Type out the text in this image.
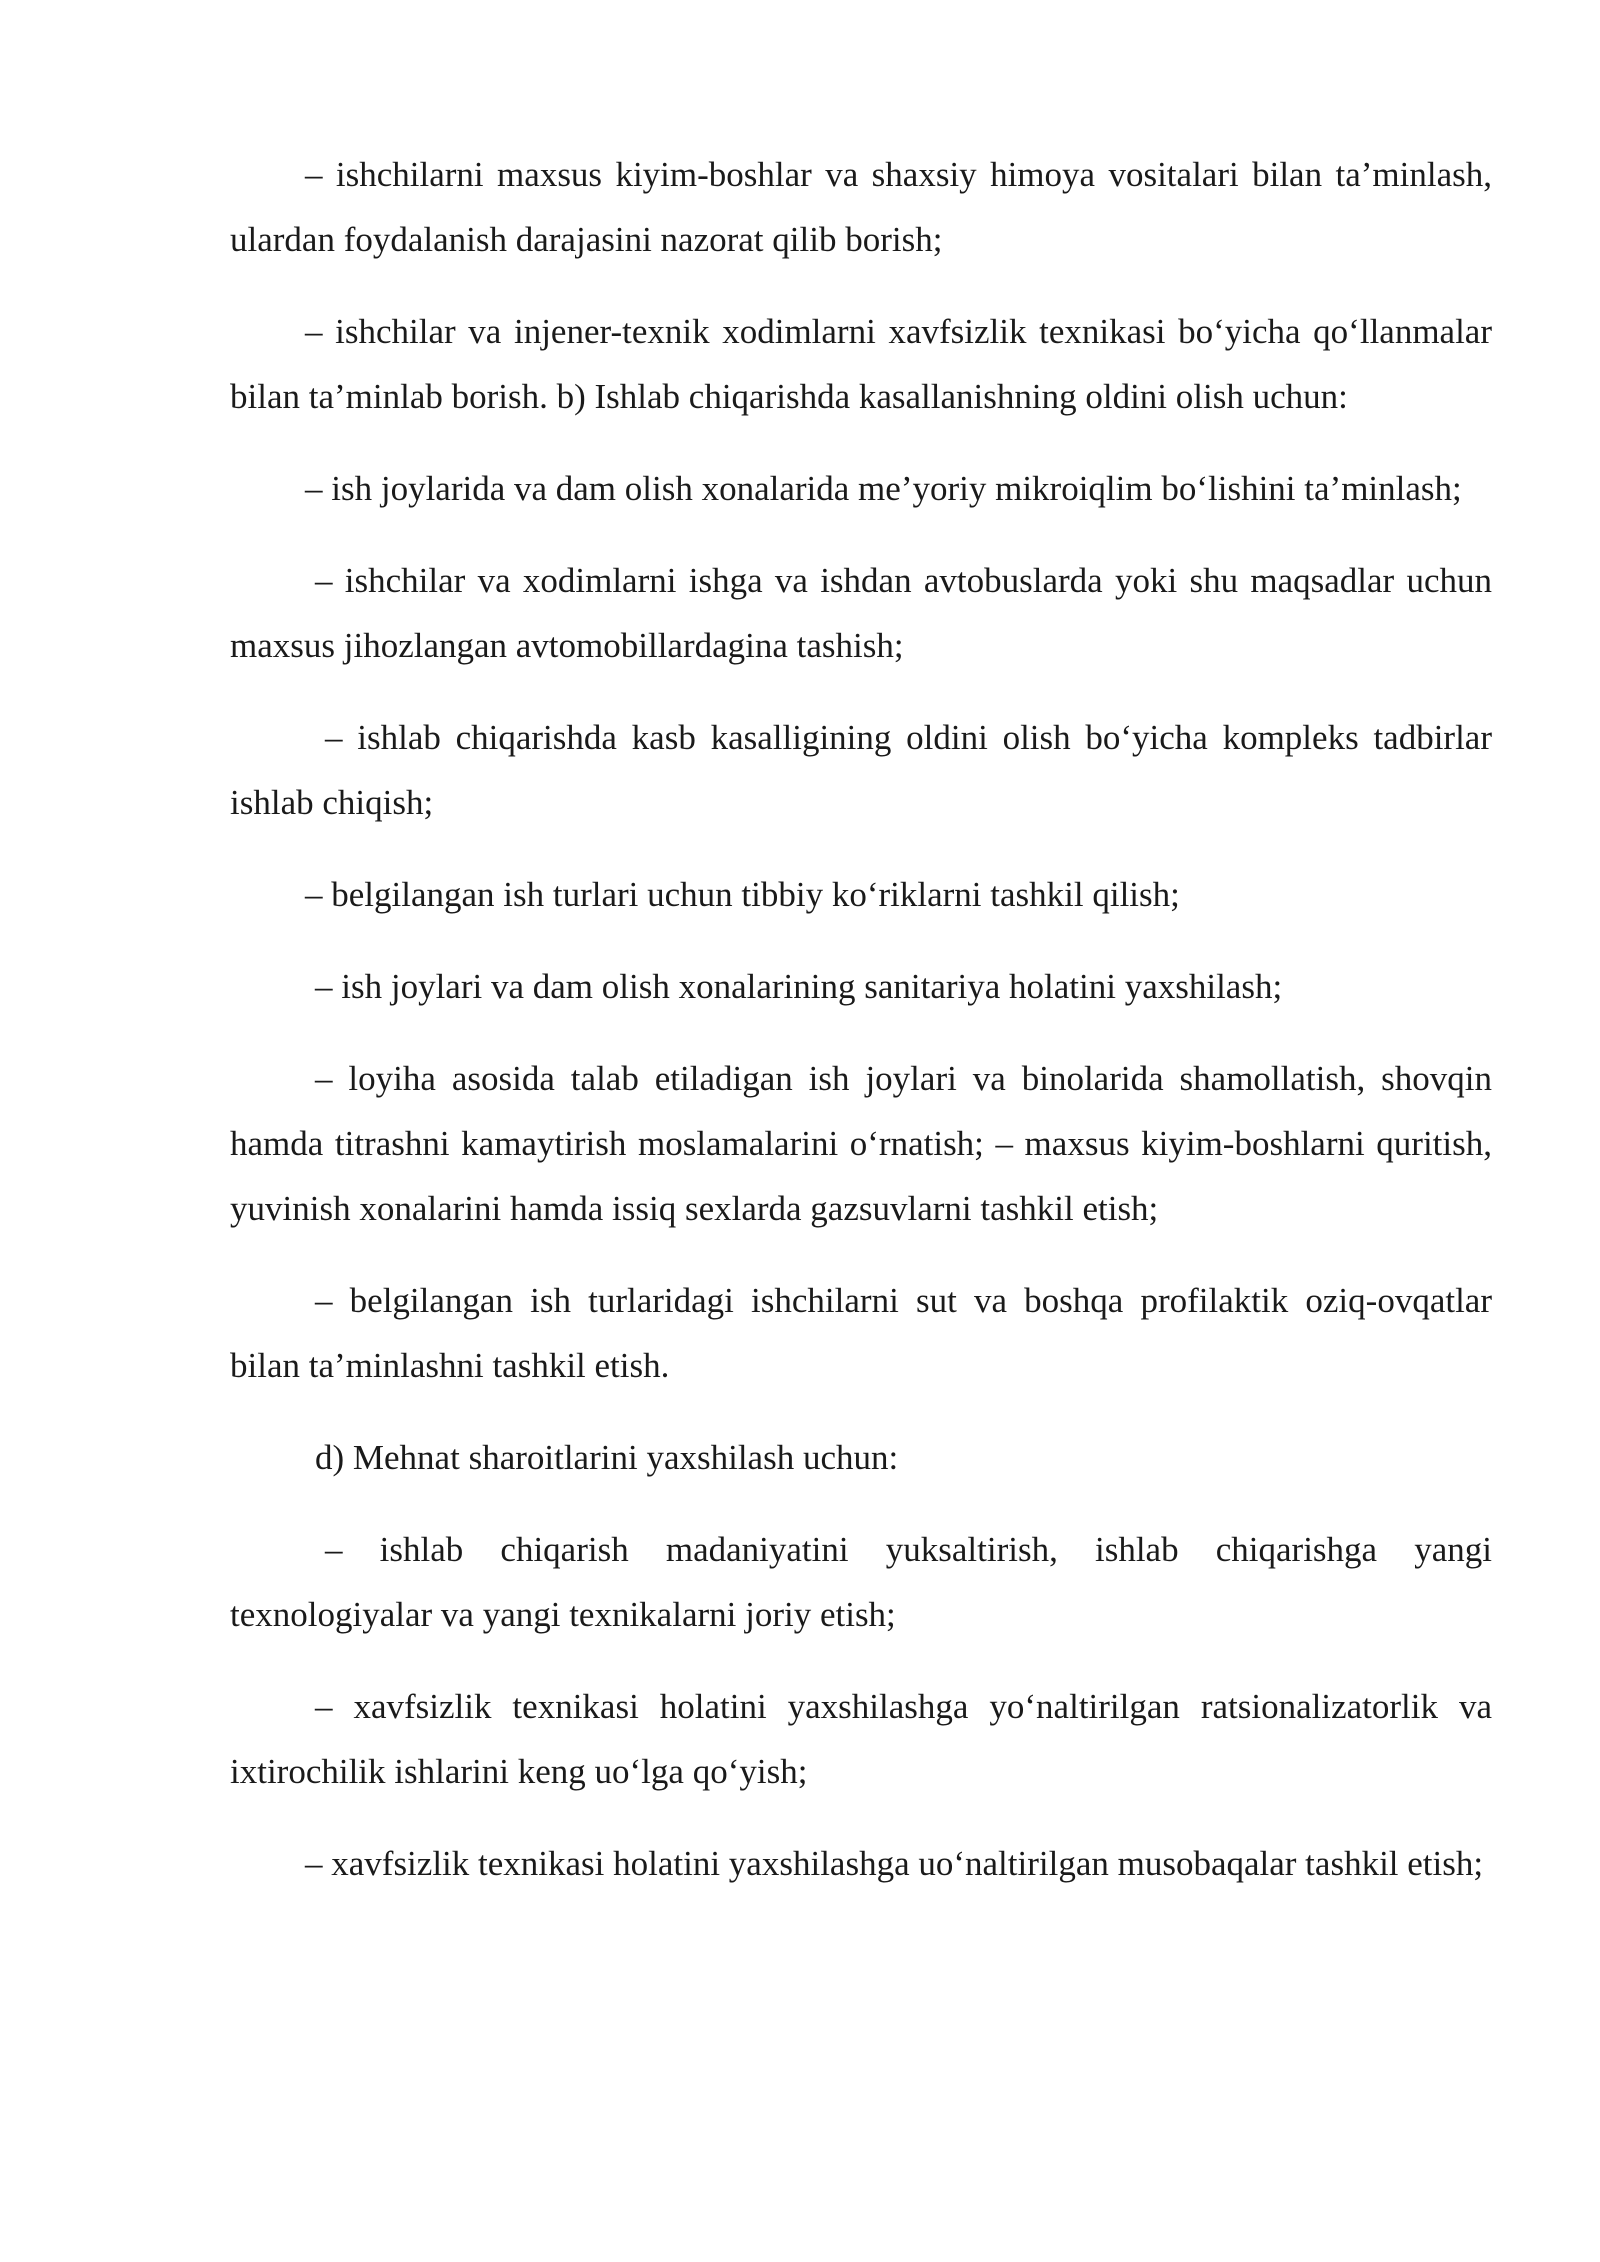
– ishchilarni maxsus kiyim-boshlar va shaxsiy himoya vositalari bilan ta’minlash, ulardan foydalanish darajasini nazorat qilib borish;

– ishchilar va injener-texnik xodimlarni xavfsizlik texnikasi bo‘yicha qo‘llanmalar bilan ta’minlab borish. b) Ishlab chiqarishda kasallanishning oldini olish uchun:

– ish joylarida va dam olish xonalarida me’yoriy mikroiqlim bo‘lishini ta’minlash;

– ishchilar va xodimlarni ishga va ishdan avtobuslarda yoki shu maqsadlar uchun maxsus jihozlangan avtomobillardagina tashish;

– ishlab chiqarishda kasb kasalligining oldini olish bo‘yicha kompleks tadbirlar ishlab chiqish;

– belgilangan ish turlari uchun tibbiy ko‘riklarni tashkil qilish;

– ish joylari va dam olish xonalarining sanitariya holatini yaxshilash;

– loyiha asosida talab etiladigan ish joylari va binolarida shamollatish, shovqin hamda titrashni kamaytirish moslamalarini o‘rnatish; – maxsus kiyim-boshlarni quritish, yuvinish xonalarini hamda issiq sexlarda gazsuvlarni tashkil etish;

– belgilangan ish turlaridagi ishchilarni sut va boshqa profilaktik oziq-ovqatlar bilan ta’minlashni tashkil etish.

d) Mehnat sharoitlarini yaxshilash uchun:

– ishlab chiqarish madaniyatini yuksaltirish, ishlab chiqarishga yangi texnologiyalar va yangi texnikalarni joriy etish;

– xavfsizlik texnikasi holatini yaxshilashga yo‘naltirilgan ratsionalizatorlik va ixtirochilik ishlarini keng uo‘lga qo‘yish;

– xavfsizlik texnikasi holatini yaxshilashga uo‘naltirilgan musobaqalar tashkil etish;
